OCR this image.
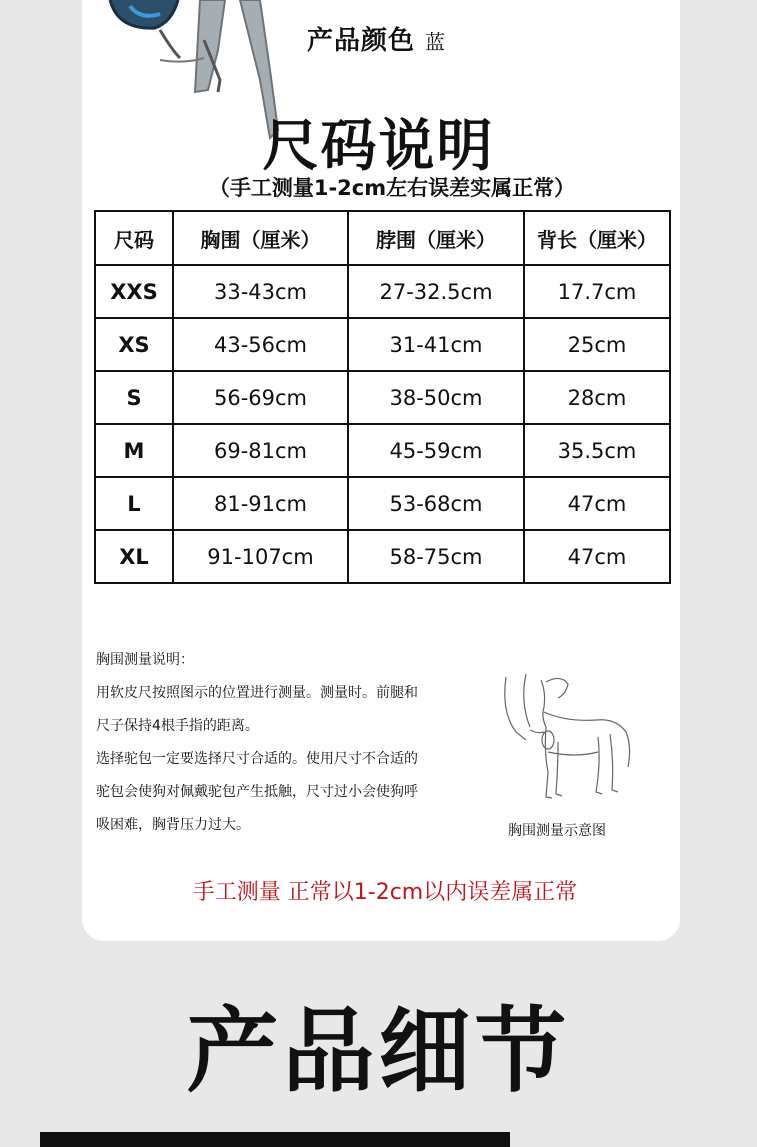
产品颜色 蓝
尺码说明
（手工测量1-2cm左右误差实属正常）
尺码	胸围（厘米）	脖围（厘米）	背长（厘米）
XXS	33-43cm	27-32.5cm	17.7cm
XS	43-56cm	31-41cm	25cm
S	56-69cm	38-50cm	28cm
M	69-81cm	45-59cm	35.5cm
L	81-91cm	53-68cm	47cm
XL	91-107cm	58-75cm	47cm

胸围测量说明：

用软皮尺按照图示的位置进行测量。测量时。前腿和

尺子保持4根手指的距离。

选择驼包一定要选择尺寸合适的。使用尺寸不合适的

驼包会使狗对佩戴驼包产生抵触，尺寸过小会使狗呼

吸困难，胸背压力过大。	胸围测量示意图
手工测量 正常以1-2cm以内误差属正常
产品细节
